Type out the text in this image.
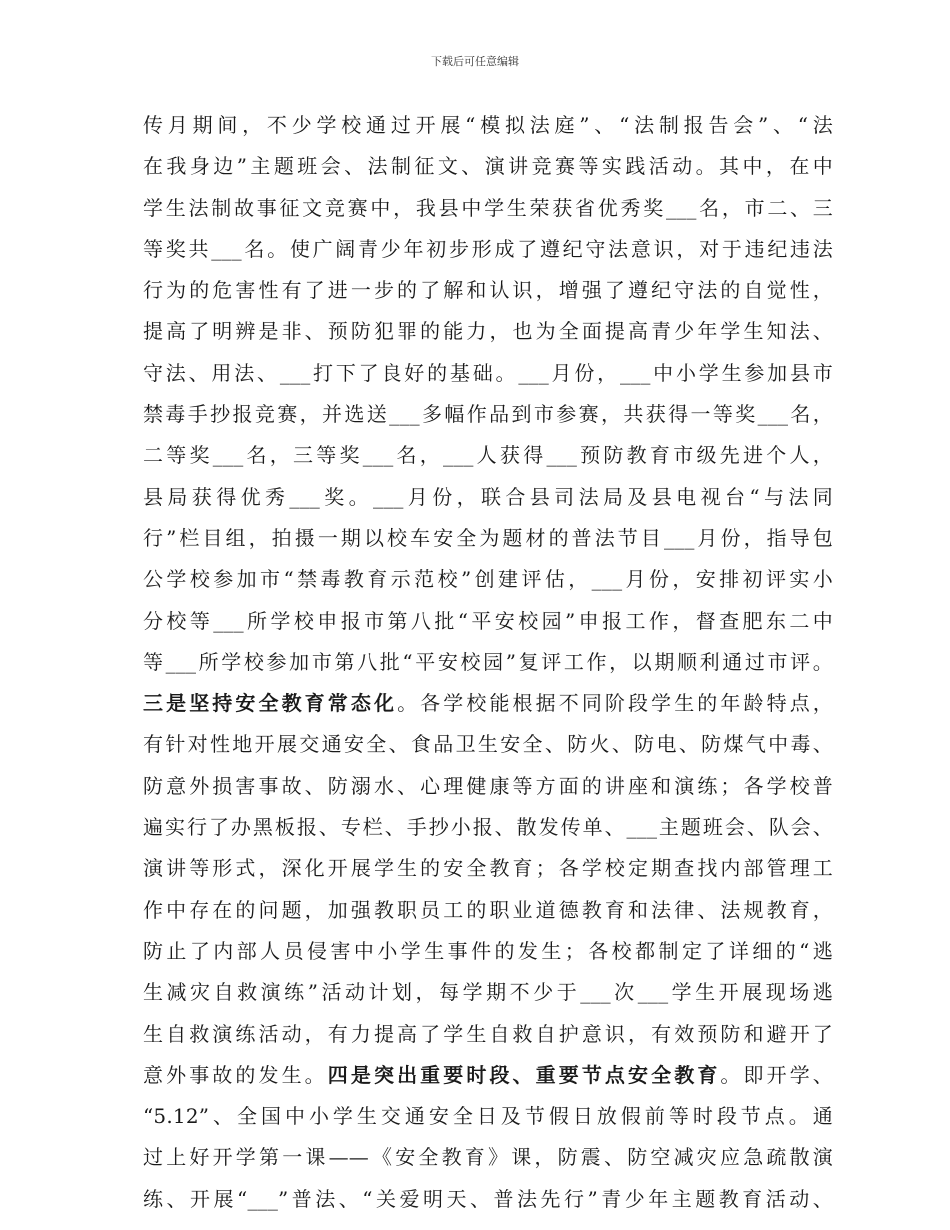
下载后可任意编辑
传月期间，不少学校通过开展“模拟法庭”、“法制报告会”、“法
在我身边”主题班会、法制征文、演讲竞赛等实践活动。其中，在中
学生法制故事征文竞赛中，我县中学生荣获省优秀奖___名，市二、三
等奖共___名。使广阔青少年初步形成了遵纪守法意识，对于违纪违法
行为的危害性有了进一步的了解和认识，增强了遵纪守法的自觉性，
提高了明辨是非、预防犯罪的能力，也为全面提高青少年学生知法、
守法、用法、___打下了良好的基础。___月份，___中小学生参加县市
禁毒手抄报竞赛，并选送___多幅作品到市参赛，共获得一等奖___名，
二等奖___名，三等奖___名，___人获得___预防教育市级先进个人，
县局获得优秀___奖。___月份，联合县司法局及县电视台“与法同
行”栏目组，拍摄一期以校车安全为题材的普法节目___月份，指导包
公学校参加市“禁毒教育示范校”创建评估，___月份，安排初评实小
分校等___所学校申报市第八批“平安校园”申报工作，督查肥东二中
等___所学校参加市第八批“平安校园”复评工作，以期顺利通过市评。
三是坚持安全教育常态化。各学校能根据不同阶段学生的年龄特点，
有针对性地开展交通安全、食品卫生安全、防火、防电、防煤气中毒、
防意外损害事故、防溺水、心理健康等方面的讲座和演练；各学校普
遍实行了办黑板报、专栏、手抄小报、散发传单、___主题班会、队会、
演讲等形式，深化开展学生的安全教育；各学校定期查找内部管理工
作中存在的问题，加强教职员工的职业道德教育和法律、法规教育，
防止了内部人员侵害中小学生事件的发生；各校都制定了详细的“逃
生减灾自救演练”活动计划，每学期不少于___次___学生开展现场逃
生自救演练活动，有力提高了学生自救自护意识，有效预防和避开了
意外事故的发生。四是突出重要时段、重要节点安全教育。即开学、
“5.12”、全国中小学生交通安全日及节假日放假前等时段节点。通
过上好开学第一课——《安全教育》课，防震、防空减灾应急疏散演
练、开展“___”普法、“关爱明天、普法先行”青少年主题教育活动、
